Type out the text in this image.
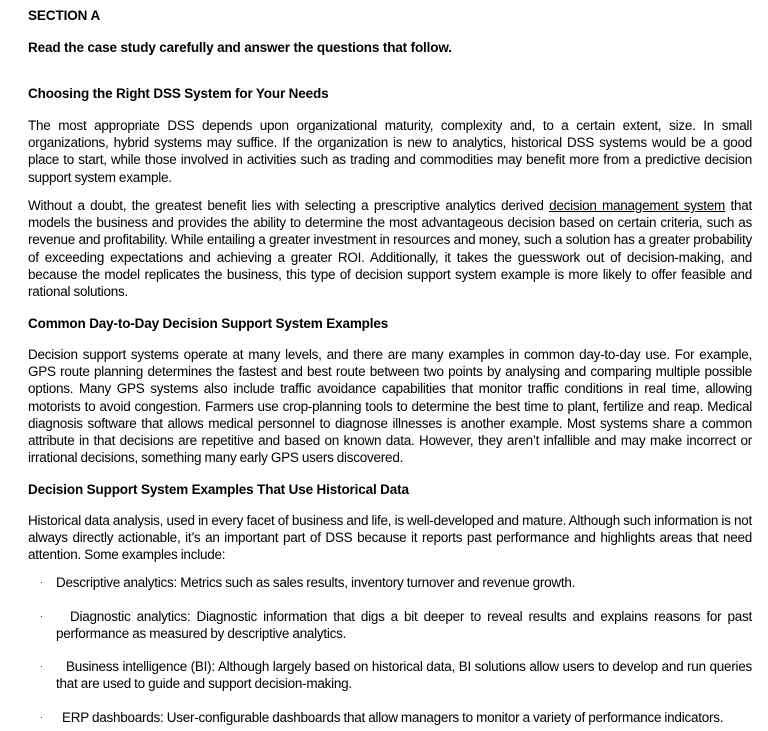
SECTION A
Read the case study carefully and answer the questions that follow.
Choosing the Right DSS System for Your Needs
The most appropriate DSS depends upon organizational maturity, complexity and, to a certain extent, size. In small organizations, hybrid systems may suffice. If the organization is new to analytics, historical DSS systems would be a good place to start, while those involved in activities such as trading and commodities may benefit more from a predictive decision support system example.
Without a doubt, the greatest benefit lies with selecting a prescriptive analytics derived decision management system that models the business and provides the ability to determine the most advantageous decision based on certain criteria, such as revenue and profitability. While entailing a greater investment in resources and money, such a solution has a greater probability of exceeding expectations and achieving a greater ROI. Additionally, it takes the guesswork out of decision-making, and because the model replicates the business, this type of decision support system example is more likely to offer feasible and rational solutions.
Common Day-to-Day Decision Support System Examples
Decision support systems operate at many levels, and there are many examples in common day-to-day use. For example, GPS route planning determines the fastest and best route between two points by analysing and comparing multiple possible options. Many GPS systems also include traffic avoidance capabilities that monitor traffic conditions in real time, allowing motorists to avoid congestion. Farmers use crop-planning tools to determine the best time to plant, fertilize and reap. Medical diagnosis software that allows medical personnel to diagnose illnesses is another example. Most systems share a common attribute in that decisions are repetitive and based on known data. However, they aren’t infallible and may make incorrect or irrational decisions, something many early GPS users discovered.
Decision Support System Examples That Use Historical Data
Historical data analysis, used in every facet of business and life, is well-developed and mature. Although such information is not always directly actionable, it’s an important part of DSS because it reports past performance and highlights areas that need attention. Some examples include:
· Descriptive analytics: Metrics such as sales results, inventory turnover and revenue growth.
·	Diagnostic analytics: Diagnostic information that digs a bit deeper to reveal results and explains reasons for past performance as measured by descriptive analytics.
·	Business intelligence (BI): Although largely based on historical data, BI solutions allow users to develop and run queries that are used to guide and support decision-making.
·	ERP dashboards: User-configurable dashboards that allow managers to monitor a variety of performance indicators.
